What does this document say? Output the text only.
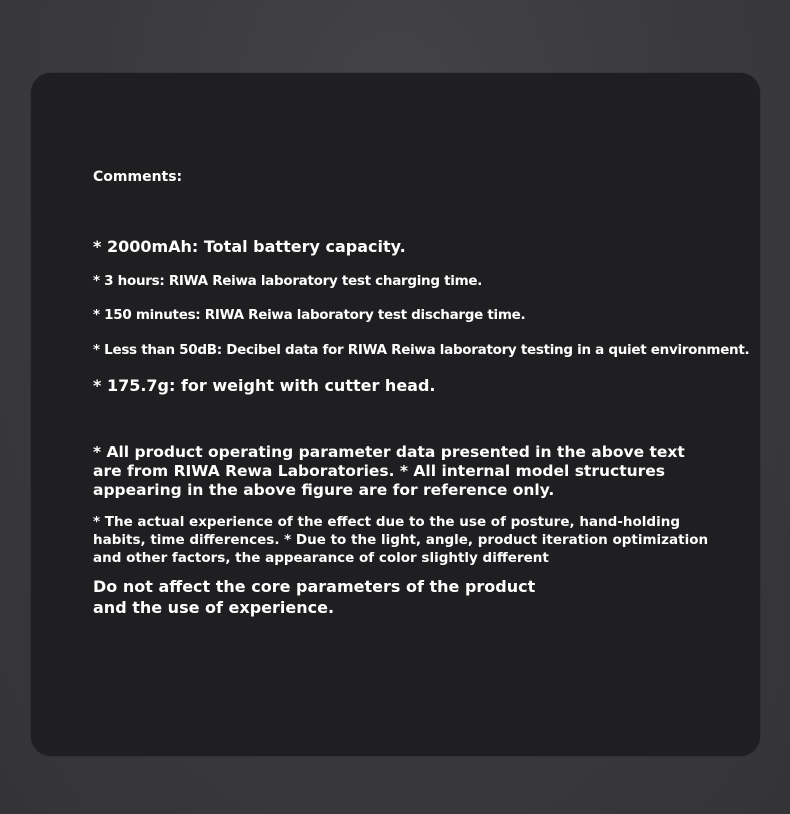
Comments:

* 2000mAh: Total battery capacity.

* 3 hours: RIWA Reiwa laboratory test charging time.

* 150 minutes: RIWA Reiwa laboratory test discharge time.

* Less than 50dB: Decibel data for RIWA Reiwa laboratory testing in a quiet environment.

* 175.7g: for weight with cutter head.

* All product operating parameter data presented in the above text are from RIWA Rewa Laboratories. * All internal model structures appearing in the above figure are for reference only.

* The actual experience of the effect due to the use of posture, hand-holding habits, time differences. * Due to the light, angle, product iteration optimization and other factors, the appearance of color slightly different

Do not affect the core parameters of the product and the use of experience.
